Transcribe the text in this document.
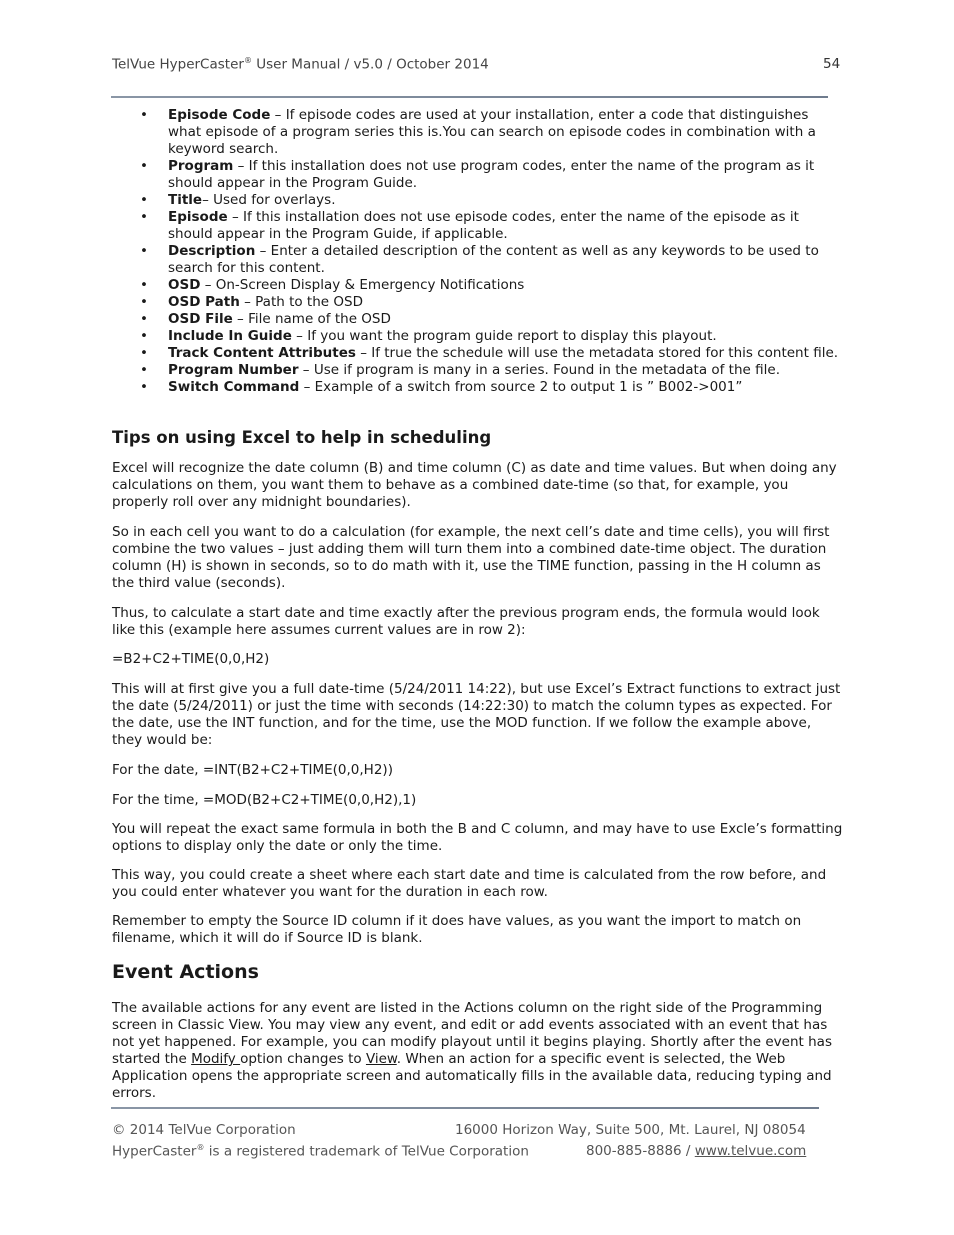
TelVue HyperCaster® User Manual / v5.0 / October 2014	54
• Episode Code – If episode codes are used at your installation, enter a code that distinguishes what episode of a program series this is.You can search on episode codes in combination with a keyword search.
• Program – If this installation does not use program codes, enter the name of the program as it should appear in the Program Guide.
• Title– Used for overlays.
• Episode – If this installation does not use episode codes, enter the name of the episode as it should appear in the Program Guide, if applicable.
• Description – Enter a detailed description of the content as well as any keywords to be used to search for this content.
• OSD – On-Screen Display & Emergency Notifications
• OSD Path – Path to the OSD
• OSD File – File name of the OSD
• Include In Guide – If you want the program guide report to display this playout.
• Track Content Attributes – If true the schedule will use the metadata stored for this content file.
• Program Number – Use if program is many in a series. Found in the metadata of the file.
• Switch Command – Example of a switch from source 2 to output 1 is ” B002->001”
Tips on using Excel to help in scheduling

Excel will recognize the date column (B) and time column (C) as date and time values. But when doing any calculations on them, you want them to behave as a combined date-time (so that, for example, you properly roll over any midnight boundaries).

So in each cell you want to do a calculation (for example, the next cell’s date and time cells), you will first combine the two values – just adding them will turn them into a combined date-time object. The duration column (H) is shown in seconds, so to do math with it, use the TIME function, passing in the H column as the third value (seconds).

Thus, to calculate a start date and time exactly after the previous program ends, the formula would look like this (example here assumes current values are in row 2):

=B2+C2+TIME(0,0,H2)

This will at first give you a full date-time (5/24/2011 14:22), but use Excel’s Extract functions to extract just the date (5/24/2011) or just the time with seconds (14:22:30) to match the column types as expected. For the date, use the INT function, and for the time, use the MOD function. If we follow the example above, they would be:

For the date, =INT(B2+C2+TIME(0,0,H2))

For the time, =MOD(B2+C2+TIME(0,0,H2),1)

You will repeat the exact same formula in both the B and C column, and may have to use Excle’s formatting options to display only the date or only the time.

This way, you could create a sheet where each start date and time is calculated from the row before, and you could enter whatever you want for the duration in each row.

Remember to empty the Source ID column if it does have values, as you want the import to match on filename, which it will do if Source ID is blank.

Event Actions

The available actions for any event are listed in the Actions column on the right side of the Programming screen in Classic View. You may view any event, and edit or add events associated with an event that has not yet happened. For example, you can modify playout until it begins playing. Shortly after the event has started the Modify option changes to View. When an action for a specific event is selected, the Web Application opens the appropriate screen and automatically fills in the available data, reducing typing and errors.

© 2014 TelVue Corporation	16000 Horizon Way, Suite 500, Mt. Laurel, NJ 08054
HyperCaster® is a registered trademark of TelVue Corporation	800-885-8886 / www.telvue.com
